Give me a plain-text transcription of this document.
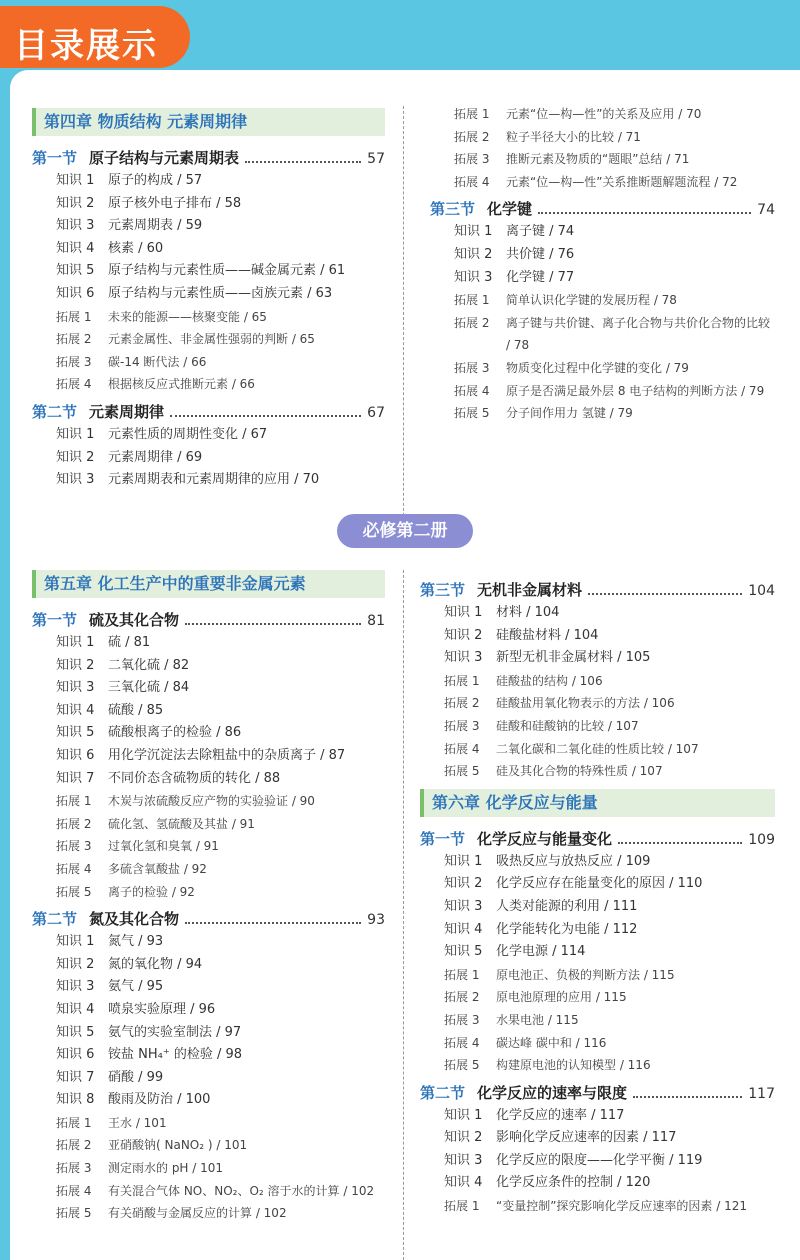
目录展示
第四章 物质结构 元素周期律
第一节 原子结构与元素周期表	57
知识 1	原子的构成 / 57
知识 2	原子核外电子排布 / 58
知识 3	元素周期表 / 59
知识 4	核素 / 60
知识 5	原子结构与元素性质——碱金属元素 / 61
知识 6	原子结构与元素性质——卤族元素 / 63
拓展 1	未来的能源——核聚变能 / 65
拓展 2	元素金属性、非金属性强弱的判断 / 65
拓展 3	碳-14 断代法 / 66
拓展 4	根据核反应式推断元素 / 66
第二节 元素周期律	67
知识 1	元素性质的周期性变化 / 67
知识 2	元素周期律 / 69
知识 3	元素周期表和元素周期律的应用 / 70
拓展 1	元素“位—构—性”的关系及应用 / 70
拓展 2	粒子半径大小的比较 / 71
拓展 3	推断元素及物质的“题眼”总结 / 71
拓展 4	元素“位—构—性”关系推断题解题流程 / 72
第三节 化学键	74
知识 1	离子键 / 74
知识 2	共价键 / 76
知识 3	化学键 / 77
拓展 1	简单认识化学键的发展历程 / 78
拓展 2	离子键与共价键、离子化合物与共价化合物的比较 / 78
拓展 3	物质变化过程中化学键的变化 / 79
拓展 4	原子是否满足最外层 8 电子结构的判断方法 / 79
拓展 5	分子间作用力 氢键 / 79
第五章 化工生产中的重要非金属元素
第一节 硫及其化合物	81
知识 1	硫 / 81
知识 2	二氧化硫 / 82
知识 3	三氧化硫 / 84
知识 4	硫酸 / 85
知识 5	硫酸根离子的检验 / 86
知识 6	用化学沉淀法去除粗盐中的杂质离子 / 87
知识 7	不同价态含硫物质的转化 / 88
拓展 1	木炭与浓硫酸反应产物的实验验证 / 90
拓展 2	硫化氢、氢硫酸及其盐 / 91
拓展 3	过氧化氢和臭氧 / 91
拓展 4	多硫含氧酸盐 / 92
拓展 5	离子的检验 / 92
第二节 氮及其化合物	93
知识 1	氮气 / 93
知识 2	氮的氧化物 / 94
知识 3	氨气 / 95
知识 4	喷泉实验原理 / 96
知识 5	氨气的实验室制法 / 97
知识 6	铵盐 NH₄⁺ 的检验 / 98
知识 7	硝酸 / 99
知识 8	酸雨及防治 / 100
拓展 1	王水 / 101
拓展 2	亚硝酸钠( NaNO₂ ) / 101
拓展 3	测定雨水的 pH / 101
拓展 4	有关混合气体 NO、NO₂、O₂ 溶于水的计算 / 102
拓展 5	有关硝酸与金属反应的计算 / 102
第三节 无机非金属材料	104
知识 1	材料 / 104
知识 2	硅酸盐材料 / 104
知识 3	新型无机非金属材料 / 105
拓展 1	硅酸盐的结构 / 106
拓展 2	硅酸盐用氧化物表示的方法 / 106
拓展 3	硅酸和硅酸钠的比较 / 107
拓展 4	二氧化碳和二氧化硅的性质比较 / 107
拓展 5	硅及其化合物的特殊性质 / 107
第六章 化学反应与能量
第一节 化学反应与能量变化	109
知识 1	吸热反应与放热反应 / 109
知识 2	化学反应存在能量变化的原因 / 110
知识 3	人类对能源的利用 / 111
知识 4	化学能转化为电能 / 112
知识 5	化学电源 / 114
拓展 1	原电池正、负极的判断方法 / 115
拓展 2	原电池原理的应用 / 115
拓展 3	水果电池 / 115
拓展 4	碳达峰 碳中和 / 116
拓展 5	构建原电池的认知模型 / 116
第二节 化学反应的速率与限度	117
知识 1	化学反应的速率 / 117
知识 2	影响化学反应速率的因素 / 117
知识 3	化学反应的限度——化学平衡 / 119
知识 4	化学反应条件的控制 / 120
拓展 1	“变量控制”探究影响化学反应速率的因素 / 121
必修第二册
